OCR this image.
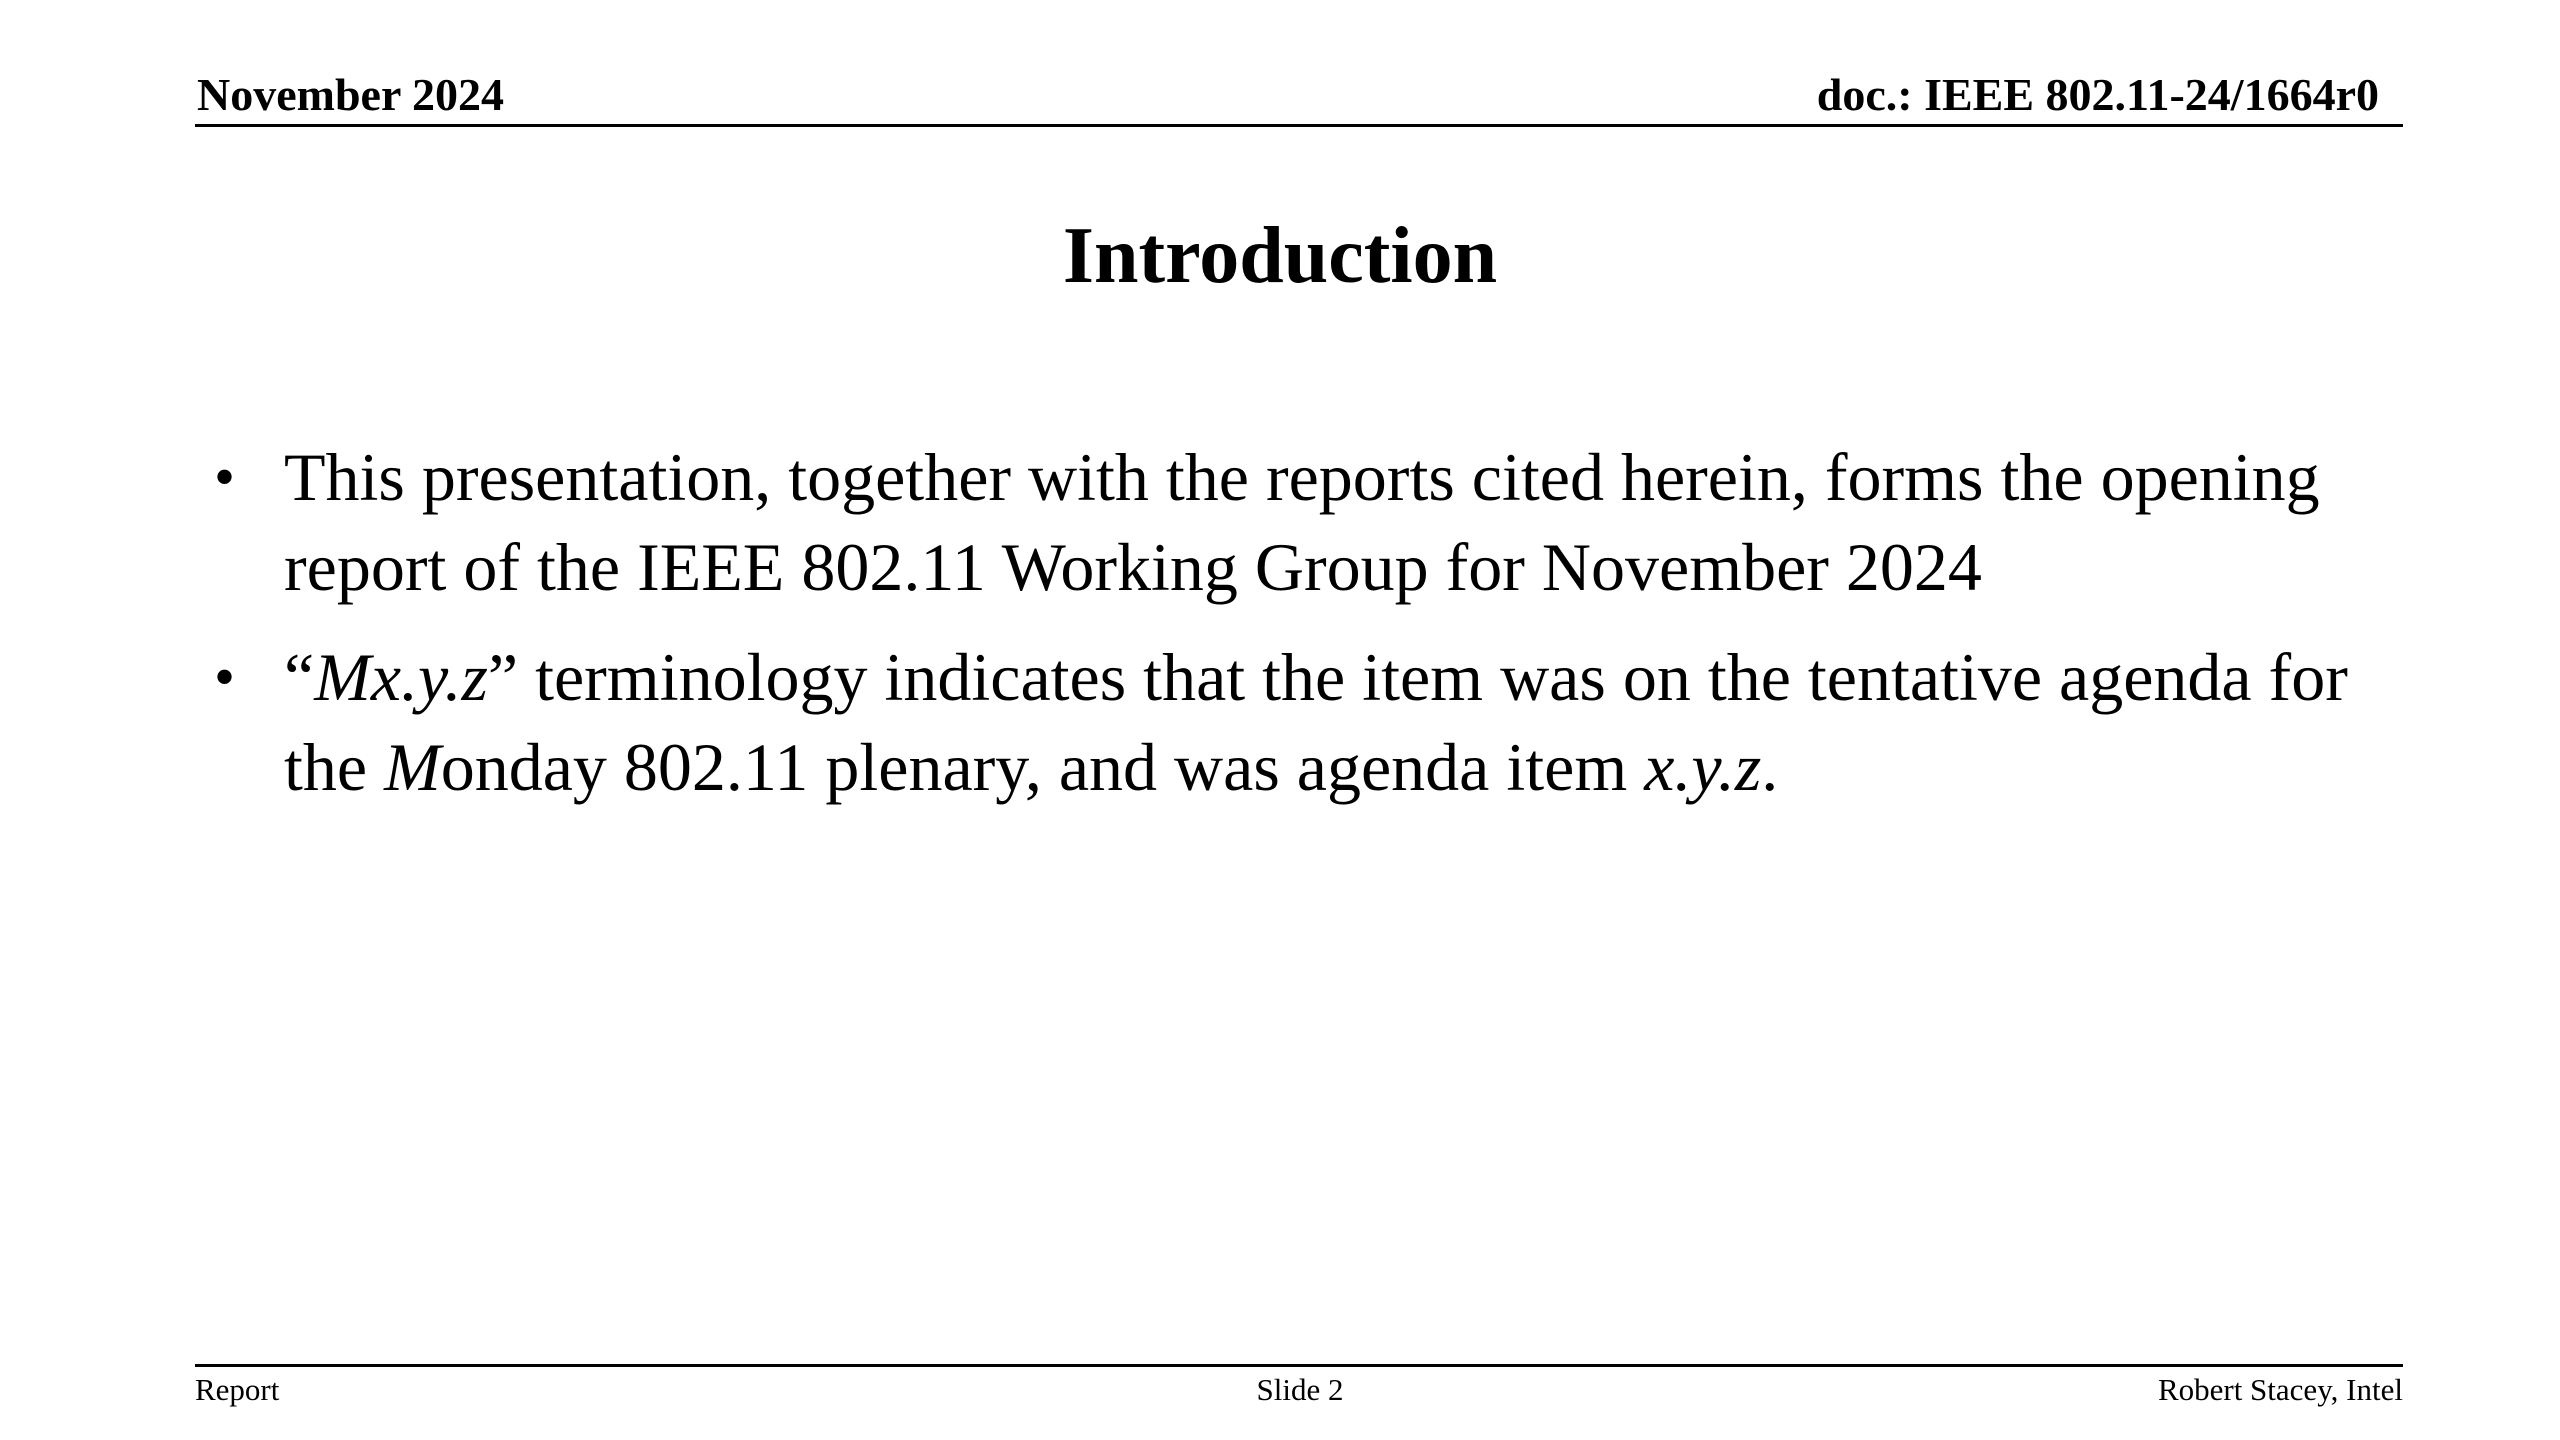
November 2024	doc.: IEEE 802.11-24/1664r0
Introduction
• This presentation, together with the reports cited herein, forms the opening report of the IEEE 802.11 Working Group for November 2024
• “Mx.y.z” terminology indicates that the item was on the tentative agenda for the Monday 802.11 plenary, and was agenda item x.y.z.
Report	Slide 2	Robert Stacey, Intel
